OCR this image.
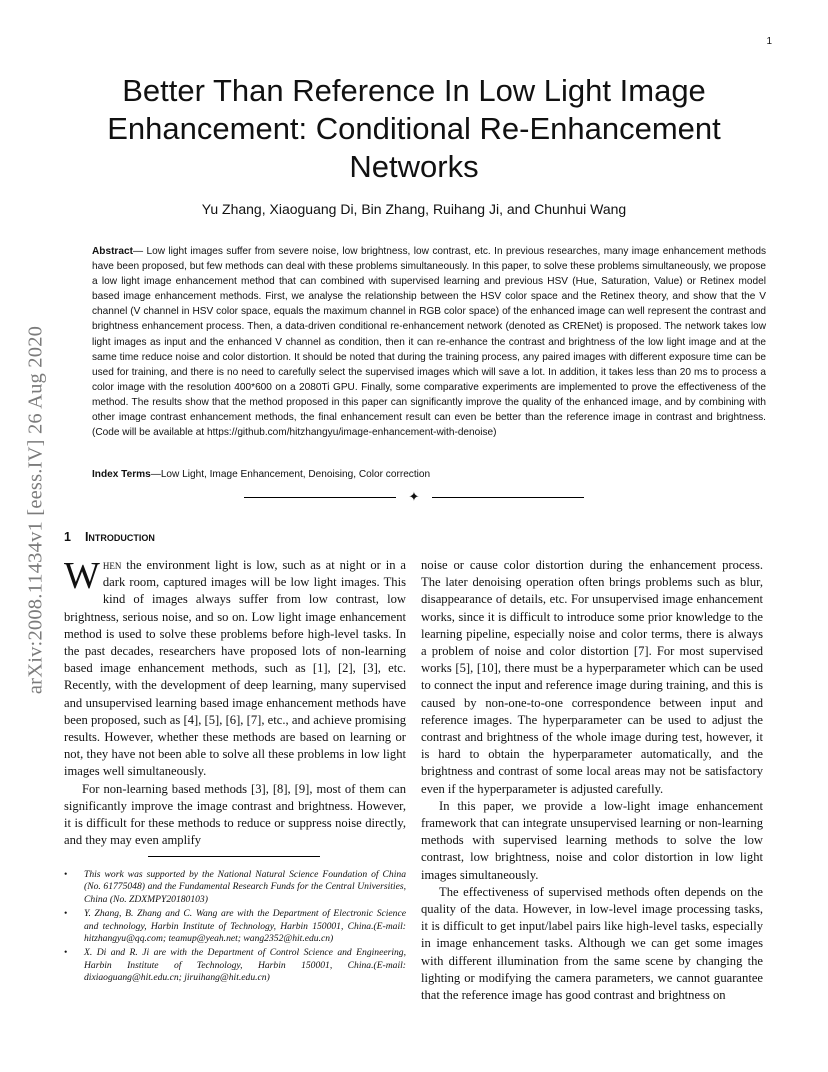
1
arXiv:2008.11434v1 [eess.IV] 26 Aug 2020
Better Than Reference In Low Light Image Enhancement: Conditional Re-Enhancement Networks
Yu Zhang, Xiaoguang Di, Bin Zhang, Ruihang Ji, and Chunhui Wang

Abstract— Low light images suffer from severe noise, low brightness, low contrast, etc. In previous researches, many image enhancement methods have been proposed, but few methods can deal with these problems simultaneously. In this paper, to solve these problems simultaneously, we propose a low light image enhancement method that can combined with supervised learning and previous HSV (Hue, Saturation, Value) or Retinex model based image enhancement methods. First, we analyse the relationship between the HSV color space and the Retinex theory, and show that the V channel (V channel in HSV color space, equals the maximum channel in RGB color space) of the enhanced image can well represent the contrast and brightness enhancement process. Then, a data-driven conditional re-enhancement network (denoted as CRENet) is proposed. The network takes low light images as input and the enhanced V channel as condition, then it can re-enhance the contrast and brightness of the low light image and at the same time reduce noise and color distortion. It should be noted that during the training process, any paired images with different exposure time can be used for training, and there is no need to carefully select the supervised images which will save a lot. In addition, it takes less than 20 ms to process a color image with the resolution 400*600 on a 2080Ti GPU. Finally, some comparative experiments are implemented to prove the effectiveness of the method. The results show that the method proposed in this paper can significantly improve the quality of the enhanced image, and by combining with other image contrast enhancement methods, the final enhancement result can even be better than the reference image in contrast and brightness. (Code will be available at https://github.com/hitzhangyu/image-enhancement-with-denoise)

Index Terms—Low Light, Image Enhancement, Denoising, Color correction
✦
1 Introduction

When the environment light is low, such as at night or in a dark room, captured images will be low light images. This kind of images always suffer from low contrast, low brightness, serious noise, and so on. Low light image enhancement method is used to solve these problems before high-level tasks. In the past decades, researchers have proposed lots of non-learning based image enhancement methods, such as [1], [2], [3], etc. Recently, with the development of deep learning, many supervised and unsupervised learning based image enhancement methods have been proposed, such as [4], [5], [6], [7], etc., and achieve promising results. However, whether these methods are based on learning or not, they have not been able to solve all these problems in low light images well simultaneously.

For non-learning based methods [3], [8], [9], most of them can significantly improve the image contrast and brightness. However, it is difficult for these methods to reduce or suppress noise directly, and they may even amplify

noise or cause color distortion during the enhancement process. The later denoising operation often brings problems such as blur, disappearance of details, etc. For unsupervised image enhancement works, since it is difficult to introduce some prior knowledge to the learning pipeline, especially noise and color terms, there is always a problem of noise and color distortion [7]. For most supervised works [5], [10], there must be a hyperparameter which can be used to connect the input and reference image during training, and this is caused by non-one-to-one correspondence between input and reference images. The hyperparameter can be used to adjust the contrast and brightness of the whole image during test, however, it is hard to obtain the hyperparameter automatically, and the brightness and contrast of some local areas may not be satisfactory even if the hyperparameter is adjusted carefully.

In this paper, we provide a low-light image enhancement framework that can integrate unsupervised learning or non-learning methods with supervised learning methods to solve the low contrast, low brightness, noise and color distortion in low light images simultaneously.

The effectiveness of supervised methods often depends on the quality of the data. However, in low-level image processing tasks, it is difficult to get input/label pairs like high-level tasks, especially in image enhancement tasks. Although we can get some images with different illumination from the same scene by changing the lighting or modifying the camera parameters, we cannot guarantee that the reference image has good contrast and brightness on

• This work was supported by the National Natural Science Foundation of China (No. 61775048) and the Fundamental Research Funds for the Central Universities, China (No. ZDXMPY20180103)
• Y. Zhang, B. Zhang and C. Wang are with the Department of Electronic Science and technology, Harbin Institute of Technology, Harbin 150001, China.(E-mail: hitzhangyu@qq.com; teamup@yeah.net; wang2352@hit.edu.cn)
• X. Di and R. Ji are with the Department of Control Science and Engineering, Harbin Institute of Technology, Harbin 150001, China.(E-mail: dixiaoguang@hit.edu.cn; jiruihang@hit.edu.cn)
